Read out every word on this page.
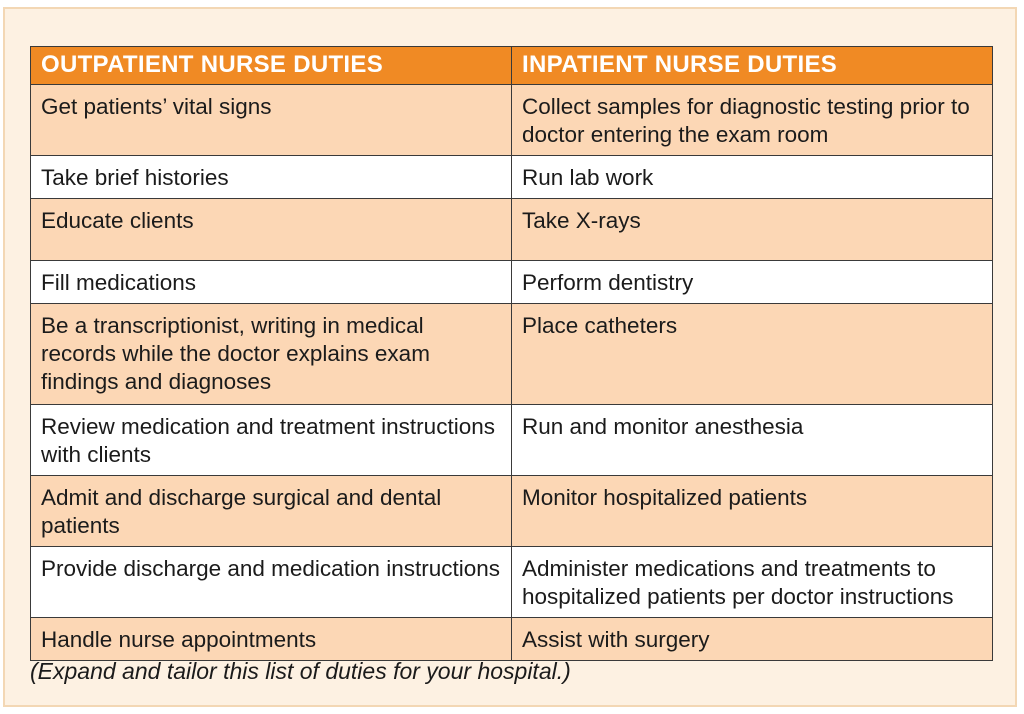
OUTPATIENT NURSE DUTIES	INPATIENT NURSE DUTIES
Get patients’ vital signs	Collect samples for diagnostic testing prior to doctor entering the exam room
Take brief histories	Run lab work
Educate clients	Take X-rays
Fill medications	Perform dentistry
Be a transcriptionist, writing in medical records while the doctor explains exam findings and diagnoses	Place catheters
Review medication and treatment instructions with clients	Run and monitor anesthesia
Admit and discharge surgical and dental patients	Monitor hospitalized patients
Provide discharge and medication instructions	Administer medications and treatments to hospitalized patients per doctor instructions
Handle nurse appointments	Assist with surgery
(Expand and tailor this list of duties for your hospital.)
